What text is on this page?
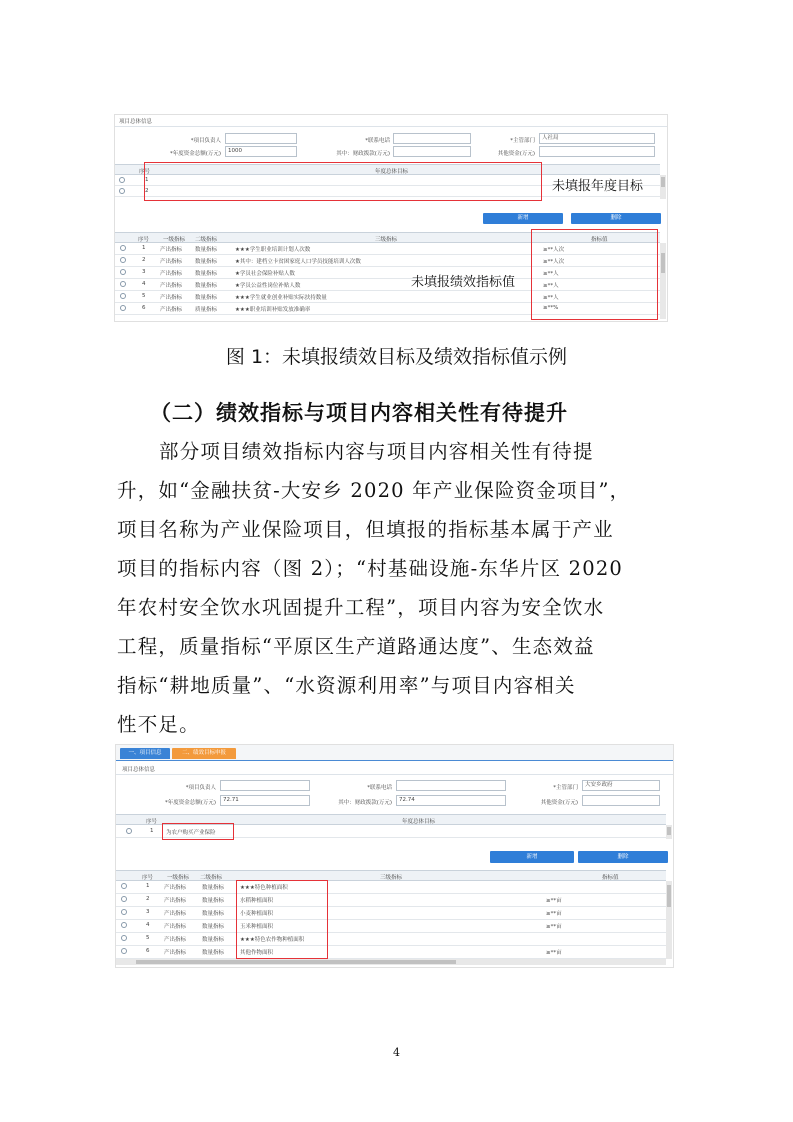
项目总体信息
*项目负责人	*联系电话	*主管部门	人社局
*年度资金总额(万元)	1000	其中：财政拨款(万元)	其他资金(万元)
序号	年度总体目标
1
2
新增	删除
序号	一级指标 二级指标	三级指标	指标值
1	产出指标 数量指标	★★★学生职业培训计划人次数	≥**人次
2	产出指标 数量指标	★其中：建档立卡贫困家庭人口学员技能培训人次数	≥**人次
3	产出指标 数量指标	★学员社会保险补贴人数	≥**人
4	产出指标 数量指标	★学员公益性岗位补贴人数	≥**人
5	产出指标 数量指标	★★★学生就业创业补贴实际扶持数量	≥**人
6	产出指标 质量指标	★★★职业培训补贴发放准确率	≥**%
未填报年度目标
未填报绩效指标值
图 1：未填报绩效目标及绩效指标值示例
（二）绩效指标与项目内容相关性有待提升
部分项目绩效指标内容与项目内容相关性有待提
升，如“金融扶贫-大安乡 2020 年产业保险资金项目”，
项目名称为产业保险项目，但填报的指标基本属于产业
项目的指标内容（图 2）；“村基础设施-东华片区 2020
年农村安全饮水巩固提升工程”，项目内容为安全饮水
工程，质量指标“平原区生产道路通达度”、生态效益
指标“耕地质量”、“水资源利用率”与项目内容相关
性不足。
一、项目信息	二、绩效目标申报
项目总体信息
*项目负责人	*联系电话	*主管部门	大安乡政府
*年度资金总额(万元)	72.71	其中：财政拨款(万元)	72.74	其他资金(万元)
序号	年度总体目标
1 为农户购买产业保险
新增	删除
序号	一级指标 二级指标	三级指标	指标值
1	产出指标	数量指标	★★★特色种植面积
2	产出指标	数量指标	水稻种植面积	≥**亩
3	产出指标	数量指标	小麦种植面积	≥**亩
4	产出指标	数量指标	玉米种植面积	≥**亩
5	产出指标	数量指标	★★★特色农作物种植面积
6	产出指标	数量指标	其他作物面积	≥**亩
4
